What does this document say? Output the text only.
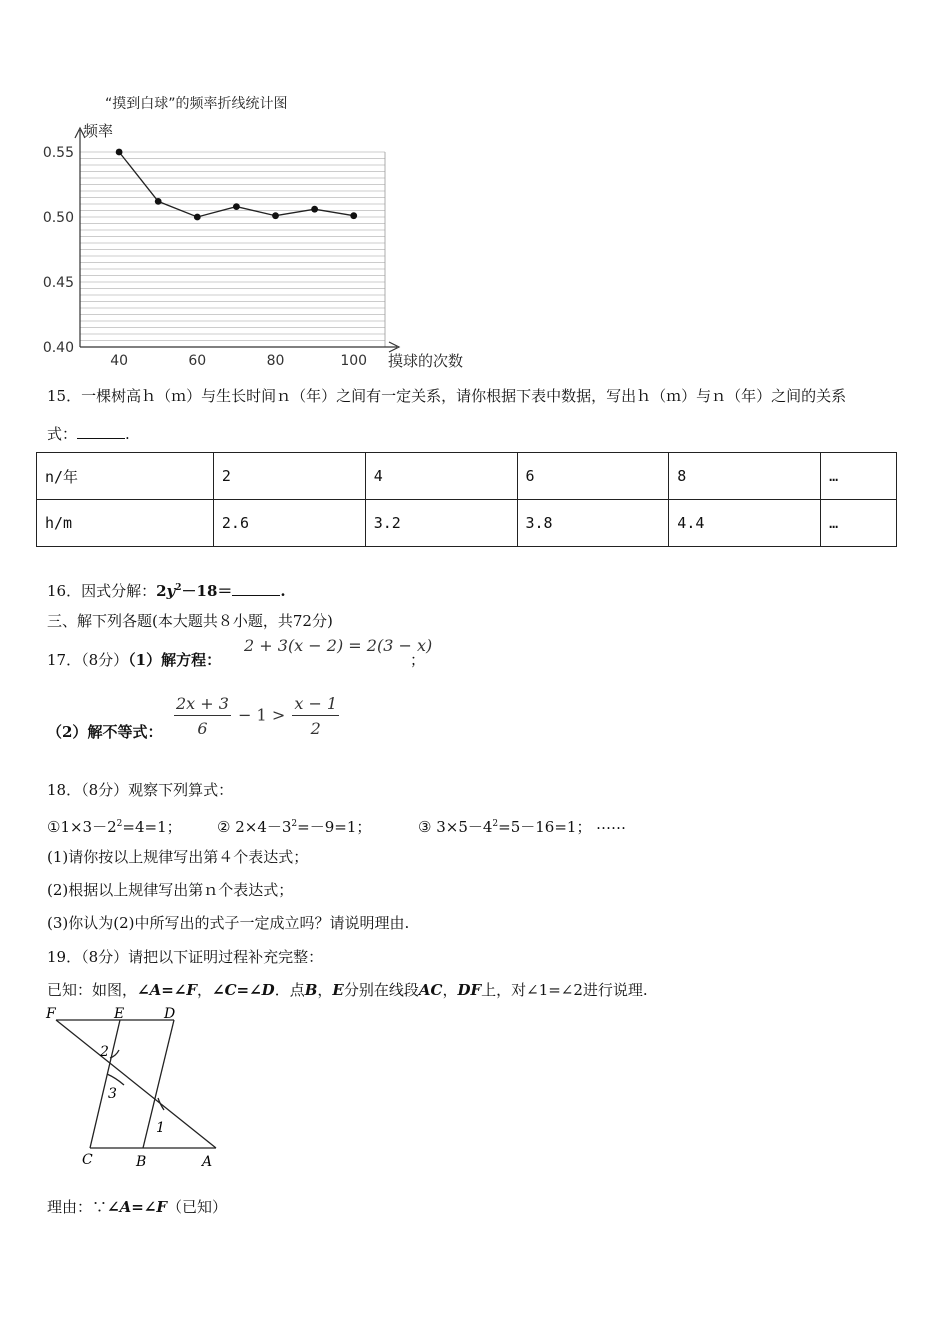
“摸到白球”的频率折线统计图
频率
摸球的次数
0.40
0.45
0.50
0.55
40	60	80	100
15．一棵树高ｈ（ｍ）与生长时间ｎ（年）之间有一定关系，请你根据下表中数据，写出ｈ（ｍ）与ｎ（年）之间的关系
式：	.
n/年	2	4	6	8	…
h/m	2.6	3.2	3.8	4.4	…
16．因式分解：$2y^2-18=$	.
三、解下列各题(本大题共８小题，共72分)
17．（8分）（1）解方程：
2 + 3(x − 2) = 2(3 − x)
；
（2）解不等式： $\frac{2x + 3}{6} - 1 > \frac{x - 1}{2}$
18．（8分）观察下列算式：
$①1\times 3-2^2=4=1$； ② $2\times 4-3^2=-9=1$；	③ $3\times 5-4^2=5-16=1$； ……
(1)请你按以上规律写出第４个表达式；
(2)根据以上规律写出第ｎ个表达式；
(3)你认为(2)中所写出的式子一定成立吗？请说明理由.
19．（8分）请把以下证明过程补充完整：
已知：如图，∠A=∠F，∠C=∠D．点B，E分别在线段AC，DF上，对∠1=∠2进行说理.
F	E	D
C	B	A
2
3
1
理由：∵∠A=∠F（已知）
